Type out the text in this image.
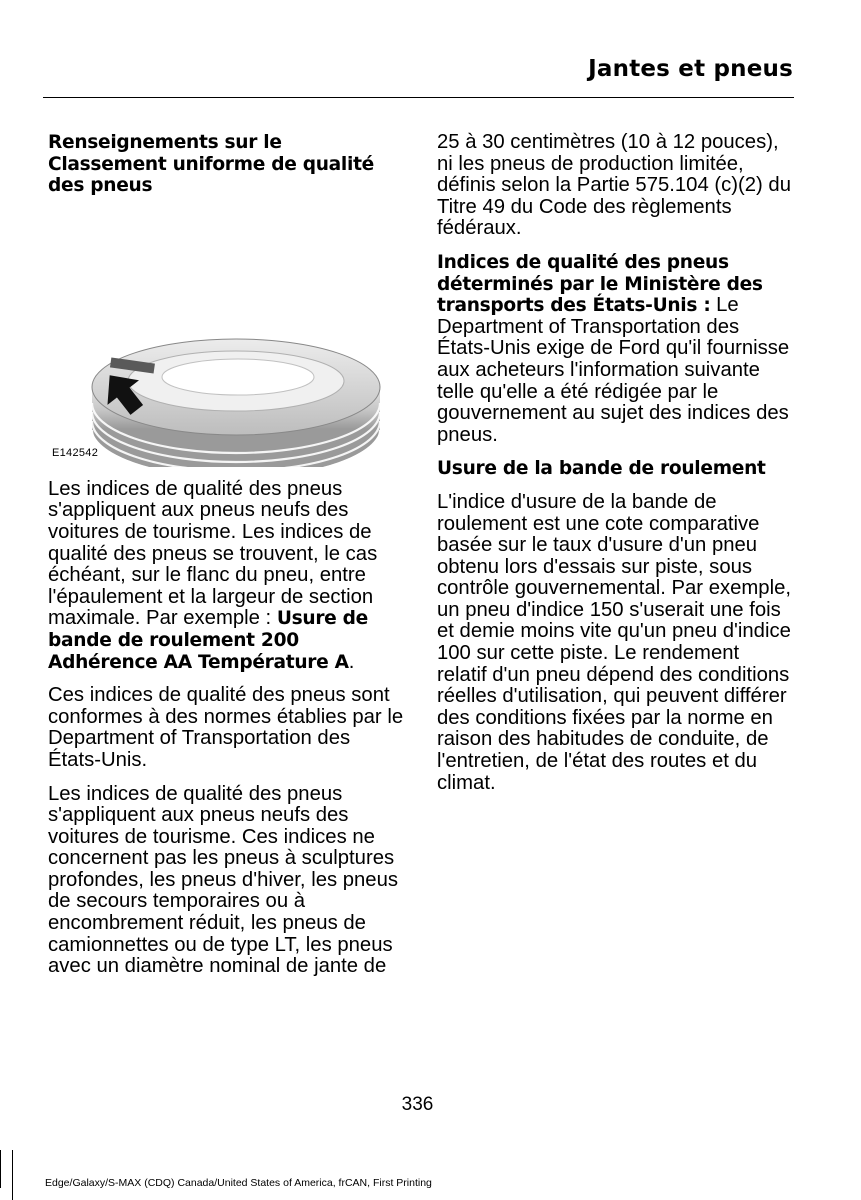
Jantes et pneus
Renseignements sur le Classement uniforme de qualité des pneus
E142542

Les indices de qualité des pneus s'appliquent aux pneus neufs des voitures de tourisme. Les indices de qualité des pneus se trouvent, le cas échéant, sur le flanc du pneu, entre l'épaulement et la largeur de section maximale. Par exemple : Usure de bande de roulement 200 Adhérence AA Température A.

Ces indices de qualité des pneus sont conformes à des normes établies par le Department of Transportation des États-Unis.

Les indices de qualité des pneus s'appliquent aux pneus neufs des voitures de tourisme. Ces indices ne concernent pas les pneus à sculptures profondes, les pneus d'hiver, les pneus de secours temporaires ou à encombrement réduit, les pneus de camionnettes ou de type LT, les pneus avec un diamètre nominal de jante de

25 à 30 centimètres (10 à 12 pouces), ni les pneus de production limitée, définis selon la Partie 575.104 (c)(2) du Titre 49 du Code des règlements fédéraux.

Indices de qualité des pneus déterminés par le Ministère des transports des États-Unis : Le Department of Transportation des États-Unis exige de Ford qu'il fournisse aux acheteurs l'information suivante telle qu'elle a été rédigée par le gouvernement au sujet des indices des pneus.

Usure de la bande de roulement

L'indice d'usure de la bande de roulement est une cote comparative basée sur le taux d'usure d'un pneu obtenu lors d'essais sur piste, sous contrôle gouvernemental. Par exemple, un pneu d'indice 150 s'userait une fois et demie moins vite qu'un pneu d'indice 100 sur cette piste. Le rendement relatif d'un pneu dépend des conditions réelles d'utilisation, qui peuvent différer des conditions fixées par la norme en raison des habitudes de conduite, de l'entretien, de l'état des routes et du climat.

336
Edge/Galaxy/S-MAX (CDQ) Canada/United States of America, frCAN, First Printing
